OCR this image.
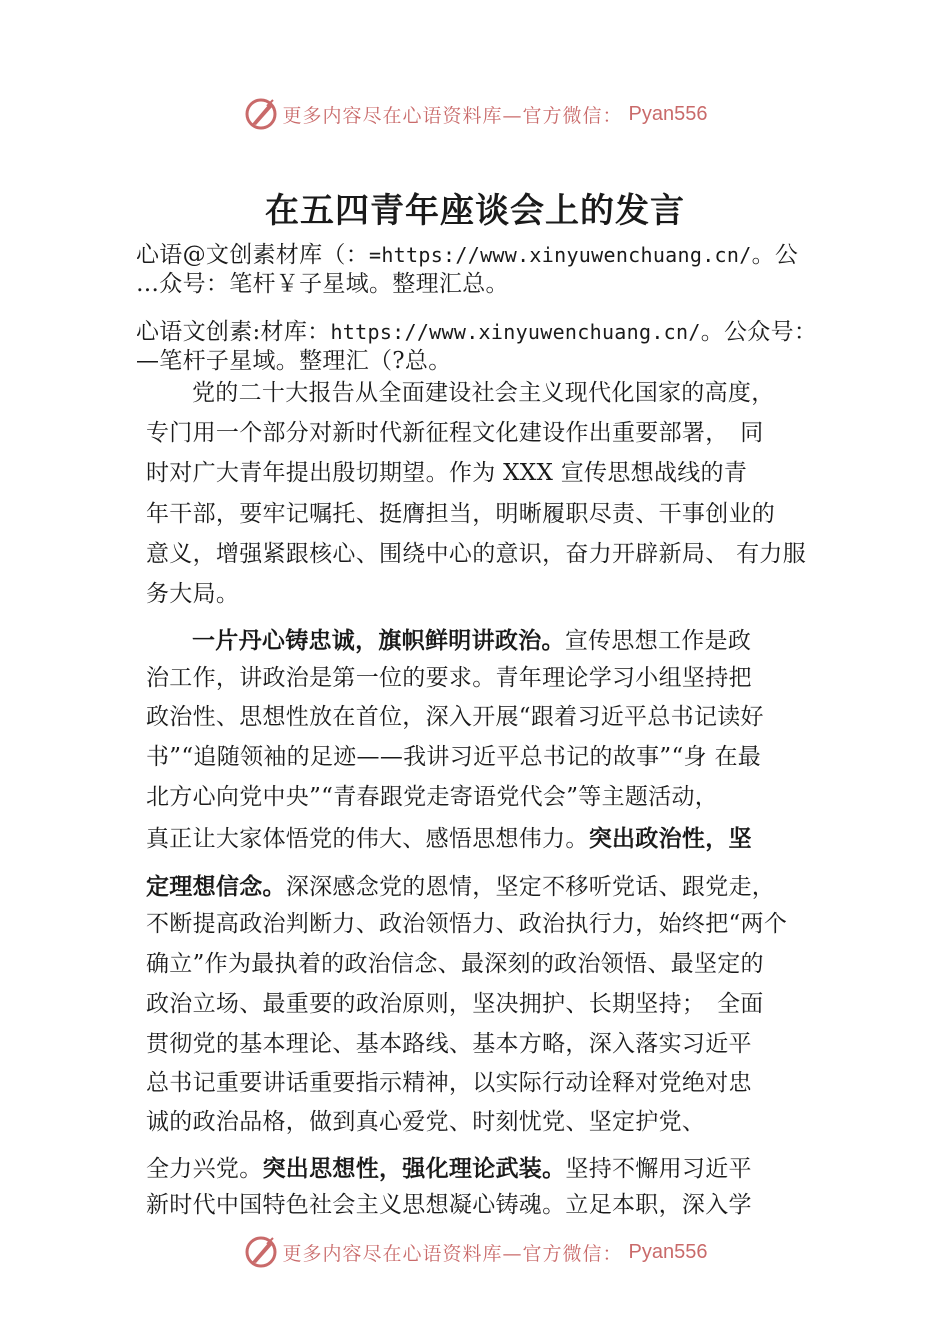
更多内容尽在心语资料库—官方微信： Pyan556
在五四青年座谈会上的发言
心语@文创素材库（：=https://www.xinyuwenchuang.cn/。公
…众号：笔杆￥子星域。整理汇总。
心语文创素:材库：https://www.xinyuwenchuang.cn/。公众号：
—笔杆子星域。整理汇（?总。
党的二十大报告从全面建设社会主义现代化国家的高度，
专门用一个部分对新时代新征程文化建设作出重要部署，　同
时对广大青年提出殷切期望。作为 XXX 宣传思想战线的青
年干部，要牢记嘱托、挺膺担当，明晰履职尽责、干事创业的
意义，增强紧跟核心、围绕中心的意识，奋力开辟新局、 有力服
务大局。
一片丹心铸忠诚，旗帜鲜明讲政治。宣传思想工作是政
治工作，讲政治是第一位的要求。青年理论学习小组坚持把
政治性、思想性放在首位，深入开展“跟着习近平总书记读好
书”“追随领袖的足迹——我讲习近平总书记的故事”“身 在最
北方心向党中央”“青春跟党走寄语党代会”等主题活动，
真正让大家体悟党的伟大、感悟思想伟力。突出政治性，坚
定理想信念。深深感念党的恩情，坚定不移听党话、跟党走，
不断提高政治判断力、政治领悟力、政治执行力，始终把“两个
确立”作为最执着的政治信念、最深刻的政治领悟、最坚定的
政治立场、最重要的政治原则，坚决拥护、长期坚持；　全面
贯彻党的基本理论、基本路线、基本方略，深入落实习近平
总书记重要讲话重要指示精神，以实际行动诠释对党绝对忠
诚的政治品格，做到真心爱党、时刻忧党、坚定护党、
全力兴党。突出思想性，强化理论武装。坚持不懈用习近平
新时代中国特色社会主义思想凝心铸魂。立足本职，深入学
更多内容尽在心语资料库—官方微信： Pyan556
